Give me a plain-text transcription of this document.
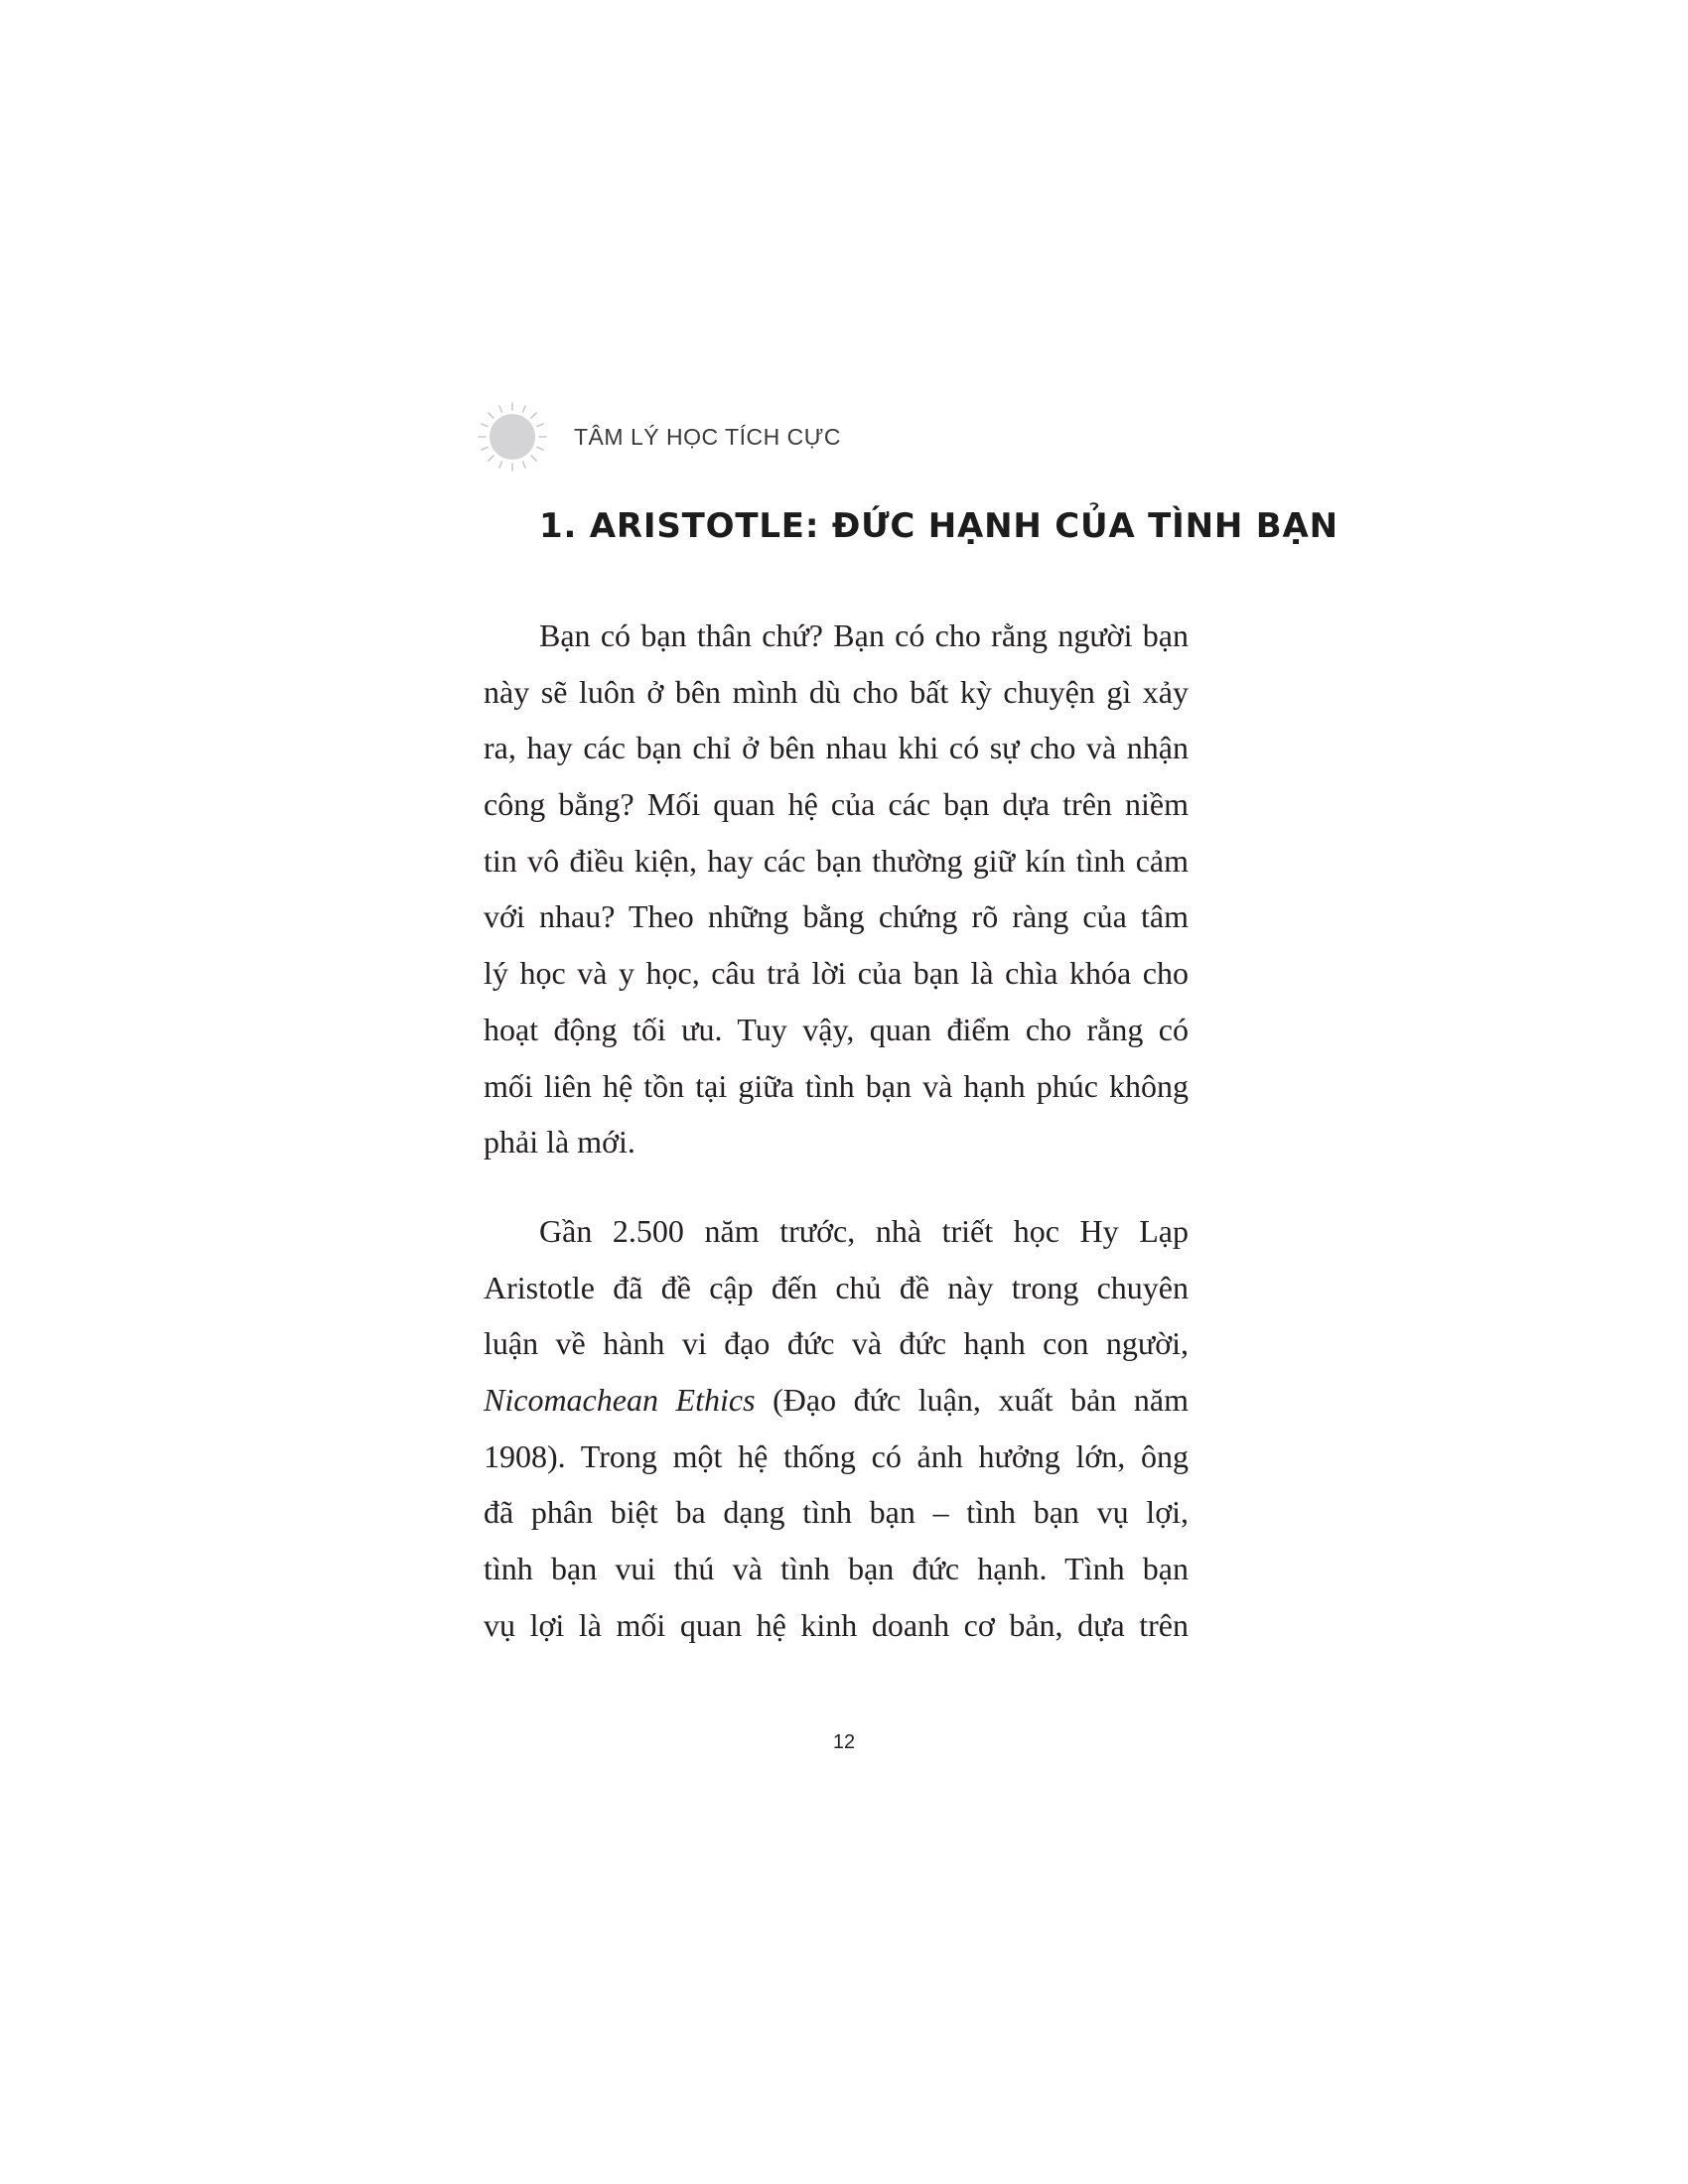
TÂM LÝ HỌC TÍCH CỰC
1. ARISTOTLE: ĐỨC HẠNH CỦA TÌNH BẠN
Bạn có bạn thân chứ? Bạn có cho rằng người bạn
này sẽ luôn ở bên mình dù cho bất kỳ chuyện gì xảy
ra, hay các bạn chỉ ở bên nhau khi có sự cho và nhận
công bằng? Mối quan hệ của các bạn dựa trên niềm
tin vô điều kiện, hay các bạn thường giữ kín tình cảm
với nhau? Theo những bằng chứng rõ ràng của tâm
lý học và y học, câu trả lời của bạn là chìa khóa cho
hoạt động tối ưu. Tuy vậy, quan điểm cho rằng có
mối liên hệ tồn tại giữa tình bạn và hạnh phúc không
phải là mới.
Gần 2.500 năm trước, nhà triết học Hy Lạp
Aristotle đã đề cập đến chủ đề này trong chuyên
luận về hành vi đạo đức và đức hạnh con người,
Nicomachean Ethics (Đạo đức luận, xuất bản năm
1908). Trong một hệ thống có ảnh hưởng lớn, ông
đã phân biệt ba dạng tình bạn – tình bạn vụ lợi,
tình bạn vui thú và tình bạn đức hạnh. Tình bạn
vụ lợi là mối quan hệ kinh doanh cơ bản, dựa trên
12
